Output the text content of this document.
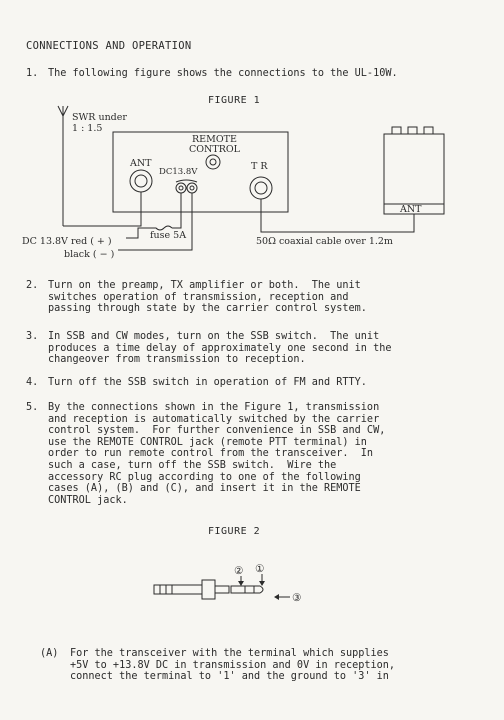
CONNECTIONS AND OPERATION
1. The following figure shows the connections to the UL-10W.
FIGURE 1
SWR under
1 : 1.5
REMOTE
CONTROL
ANT
DC13.8V	T R
fuse 5A
DC 13.8V red ( + )
black ( − )
ANT
50Ω coaxial cable over 1.2m
2. Turn on the preamp, TX amplifier or both.  The unit
switches operation of transmission, reception and
passing through state by the carrier control system.
3. In SSB and CW modes, turn on the SSB switch.  The unit
produces a time delay of approximately one second in the
changeover from transmission to reception.
4. Turn off the SSB switch in operation of FM and RTTY.
5. By the connections shown in the Figure 1, transmission
and reception is automatically switched by the carrier
control system.  For further convenience in SSB and CW,
use the REMOTE CONTROL jack (remote PTT terminal) in
order to run remote control from the transceiver.  In
such a case, turn off the SSB switch.  Wire the
accessory RC plug according to one of the following
cases (A), (B) and (C), and insert it in the REMOTE
CONTROL jack.
FIGURE 2
② ①
③
(A) For the transceiver with the terminal which supplies
+5V to +13.8V DC in transmission and 0V in reception,
connect the terminal to '1' and the ground to '3' in
